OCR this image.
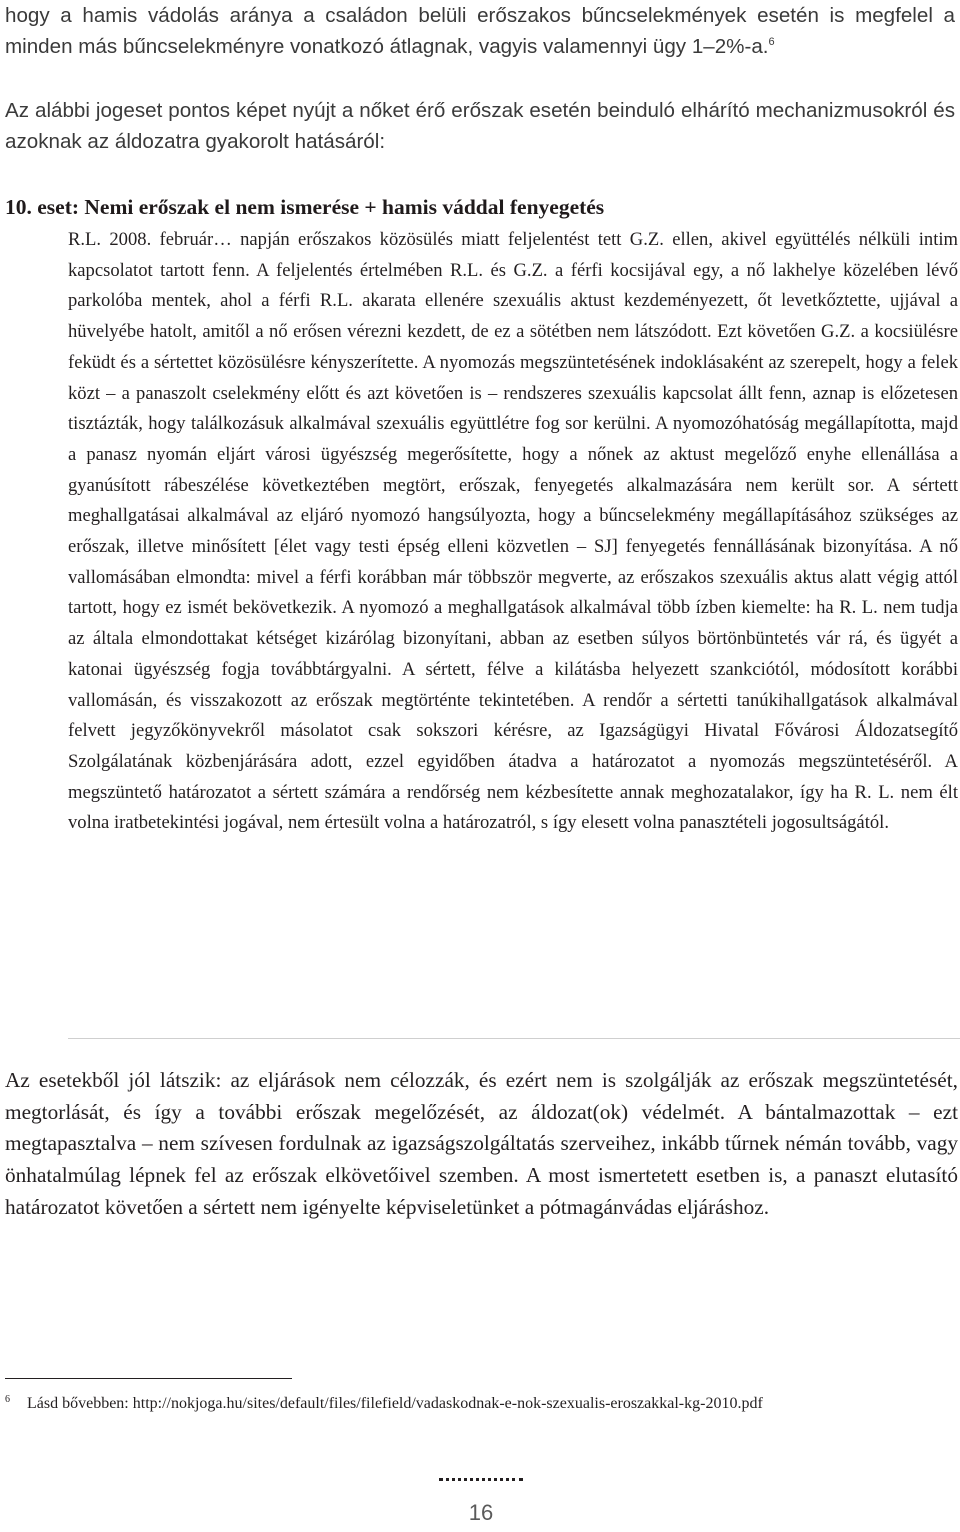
hogy a hamis vádolás aránya a családon belüli erőszakos bűncselekmények esetén is megfelel a minden más bűncselekményre vonatkozó átlagnak, vagyis valamennyi ügy 1–2%-a.$^6$

Az alábbi jogeset pontos képet nyújt a nőket érő erőszak esetén beinduló elhárító mechanizmusokról és azoknak az áldozatra gyakorolt hatásáról:

10. eset: Nemi erőszak el nem ismerése + hamis váddal fenyegetés

R.L. 2008. február… napján erőszakos közösülés miatt feljelentést tett G.Z. ellen, akivel együttélés nélküli intim kapcsolatot tartott fenn. A feljelentés értelmében R.L. és G.Z. a férfi kocsijával egy, a nő lakhelye közelében lévő parkolóba mentek, ahol a férfi R.L. akarata ellenére szexuális aktust kezdeményezett, őt levetkőztette, ujjával a hüvelyébe hatolt, amitől a nő erősen vérezni kezdett, de ez a sötétben nem látszódott. Ezt követően G.Z. a kocsiülésre feküdt és a sértettet közösülésre kényszerítette. A nyomozás megszüntetésének indoklásaként az szerepelt, hogy a felek közt – a panaszolt cselekmény előtt és azt követően is – rendszeres szexuális kapcsolat állt fenn, aznap is előzetesen tisztázták, hogy találkozásuk alkalmával szexuális együttlétre fog sor kerülni. A nyomozóhatóság megállapította, majd a panasz nyomán eljárt városi ügyészség megerősítette, hogy a nőnek az aktust megelőző enyhe ellenállása a gyanúsított rábeszélése következtében megtört, erőszak, fenyegetés alkalmazására nem került sor. A sértett meghallgatásai alkalmával az eljáró nyomozó hangsúlyozta, hogy a bűncselekmény megállapításához szükséges az erőszak, illetve minősített [élet vagy testi épség elleni közvetlen – SJ] fenyegetés fennállásának bizonyítása. A nő vallomásában elmondta: mivel a férfi korábban már többször megverte, az erőszakos szexuális aktus alatt végig attól tartott, hogy ez ismét bekövetkezik. A nyomozó a meghallgatások alkalmával több ízben kiemelte: ha R. L. nem tudja az általa elmondottakat kétséget kizárólag bizonyítani, abban az esetben súlyos börtönbüntetés vár rá, és ügyét a katonai ügyészség fogja továbbtárgyalni. A sértett, félve a kilátásba helyezett szankciótól, módosított korábbi vallomásán, és visszakozott az erőszak megtörténte tekintetében. A rendőr a sértetti tanúkihallgatások alkalmával felvett jegyzőkönyvekről másolatot csak sokszori kérésre, az Igazságügyi Hivatal Fővárosi Áldozatsegítő Szolgálatának közbenjárására adott, ezzel egyidőben átadva a határozatot a nyomozás megszüntetéséről. A megszüntető határozatot a sértett számára a rendőrség nem kézbesítette annak meghozatalakor, így ha R. L. nem élt volna iratbetekintési jogával, nem értesült volna a határozatról, s így elesett volna panasztételi jogosultságától.

Az esetekből jól látszik: az eljárások nem célozzák, és ezért nem is szolgálják az erőszak megszüntetését, megtorlását, és így a további erőszak megelőzését, az áldozat(ok) védelmét. A bántalmazottak – ezt megtapasztalva – nem szívesen fordulnak az igazságszolgáltatás szerveihez, inkább tűrnek némán tovább, vagy önhatalmúlag lépnek fel az erőszak elkövetőivel szemben. A most ismertetett esetben is, a panaszt elutasító határozatot követően a sértett nem igényelte képviseletünket a pótmagánvádas eljáráshoz.

6 Lásd bővebben: http://nokjoga.hu/sites/default/files/filefield/vadaskodnak-e-nok-szexualis-eroszakkal-kg-2010.pdf

16
